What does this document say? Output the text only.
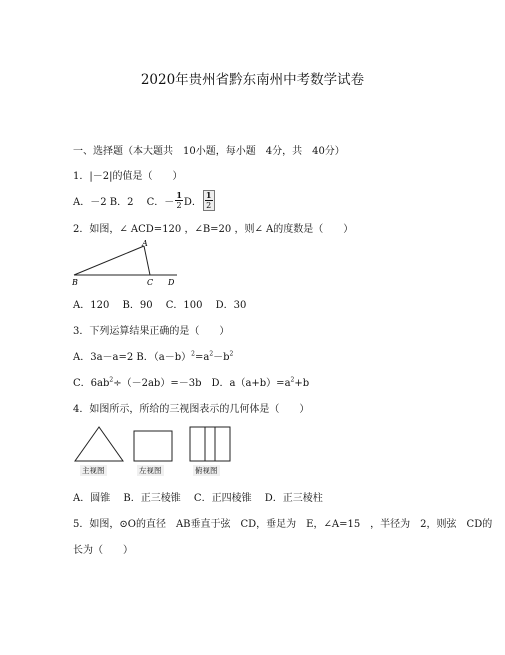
2020年贵州省黔东南州中考数学试卷
一、选择题（本大题共　10小题，每小题　4分，共　40分）
1．|－2|的值是（　　）
A．－2 B．2　 C．－ $\frac{1}{2}$ D． $\frac{1}{2}$
2．如图，∠ ACD=120 ，∠B=20 ，则∠ A的度数是（　　）
A
B	C D
A．120　 B．90　 C．100　 D．30
3．下列运算结果正确的是（　　）
A．3a－a=2 B．$(a-b)^2=a^2-b^2$
C．$6ab^2\div(-2ab)=-3b$　D．$a(a+b)=a^2+b$
4．如图所示，所给的三视图表示的几何体是（　　）
主视图	左视图	俯视图
A．圆锥　 B．正三棱锥　 C．正四棱锥　 D．正三棱柱
5．如图，⊙O的直径　AB垂直于弦　CD，垂足为　E，∠A=15　，半径为　2，则弦　CD的
长为（　　）
